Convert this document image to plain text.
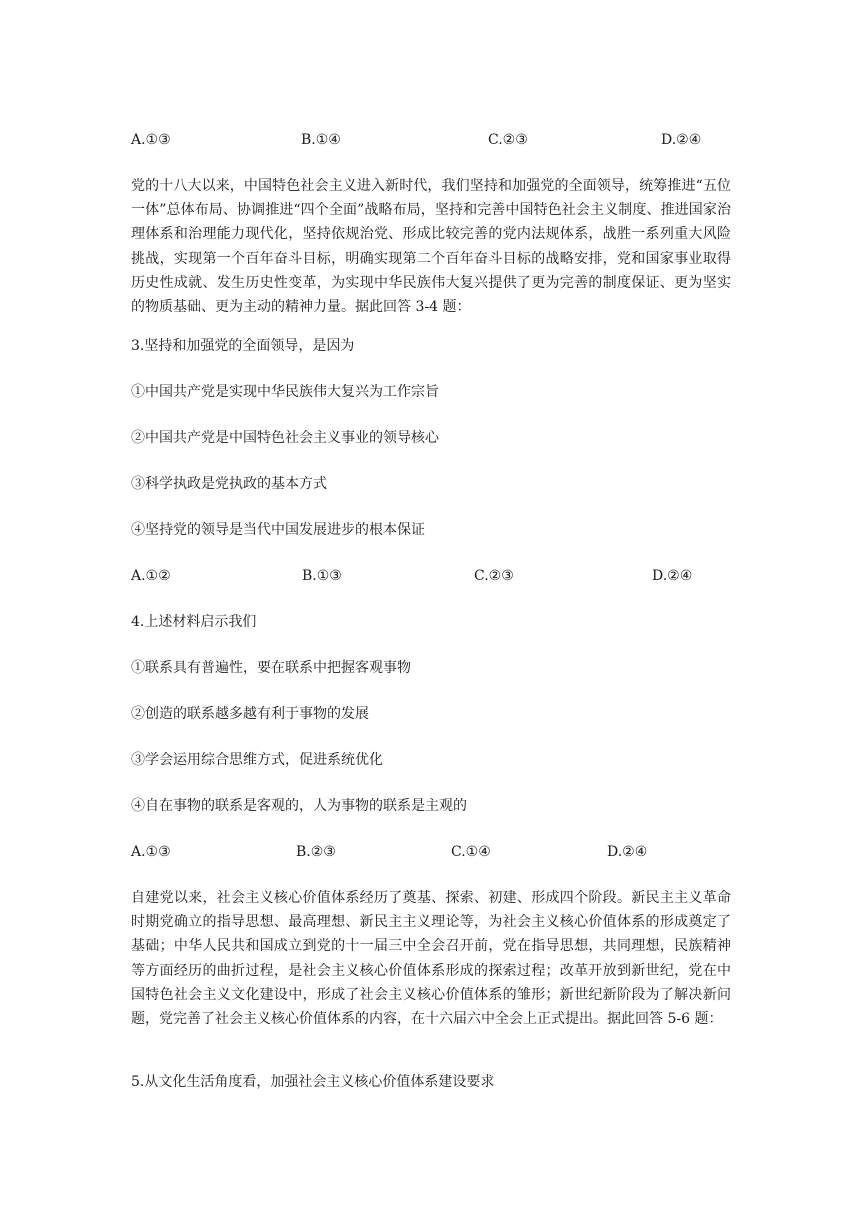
A.①③	B.①④	C.②③	D.②④
党的十八大以来，中国特色社会主义进入新时代，我们坚持和加强党的全面领导，统筹推进“五位一体”总体布局、协调推进“四个全面”战略布局，坚持和完善中国特色社会主义制度、推进国家治理体系和治理能力现代化，坚持依规治党、形成比较完善的党内法规体系，战胜一系列重大风险挑战，实现第一个百年奋斗目标，明确实现第二个百年奋斗目标的战略安排，党和国家事业取得历史性成就、发生历史性变革，为实现中华民族伟大复兴提供了更为完善的制度保证、更为坚实的物质基础、更为主动的精神力量。据此回答 3-4 题：
3.坚持和加强党的全面领导，是因为
①中国共产党是实现中华民族伟大复兴为工作宗旨
②中国共产党是中国特色社会主义事业的领导核心
③科学执政是党执政的基本方式
④坚持党的领导是当代中国发展进步的根本保证
A.①②	B.①③	C.②③	D.②④
4.上述材料启示我们
①联系具有普遍性，要在联系中把握客观事物
②创造的联系越多越有利于事物的发展
③学会运用综合思维方式，促进系统优化
④自在事物的联系是客观的，人为事物的联系是主观的
A.①③	B.②③	C.①④	D.②④
自建党以来，社会主义核心价值体系经历了奠基、探索、初建、形成四个阶段。新民主主义革命时期党确立的指导思想、最高理想、新民主主义理论等，为社会主义核心价值体系的形成奠定了基础；中华人民共和国成立到党的十一届三中全会召开前，党在指导思想，共同理想，民族精神等方面经历的曲折过程，是社会主义核心价值体系形成的探索过程；改革开放到新世纪，党在中国特色社会主义文化建设中，形成了社会主义核心价值体系的雏形；新世纪新阶段为了解决新问题，党完善了社会主义核心价值体系的内容，在十六届六中全会上正式提出。据此回答 5-6 题：
5.从文化生活角度看，加强社会主义核心价值体系建设要求
